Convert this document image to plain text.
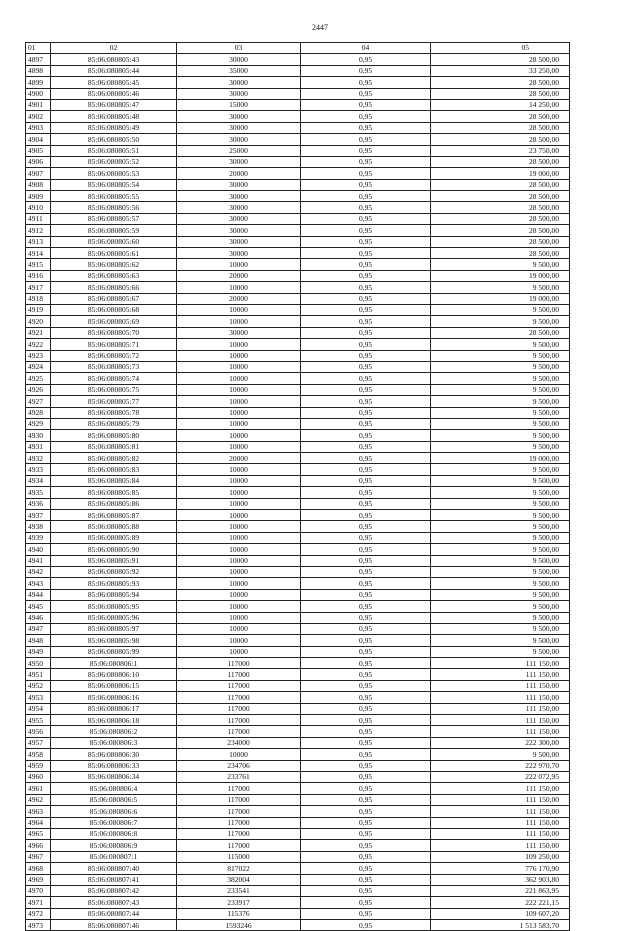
2447
01	02	03	04	05
4897	85:06:080805:43	30000	0,95	28 500,00
4898	85:06:080805:44	35000	0,95	33 250,00
4899	85:06:080805:45	30000	0,95	28 500,00
4900	85:06:080805:46	30000	0,95	28 500,00
4901	85:06:080805:47	15000	0,95	14 250,00
4902	85:06:080805:48	30000	0,95	28 500,00
4903	85:06:080805:49	30000	0,95	28 500,00
4904	85:06:080805:50	30000	0,95	28 500,00
4905	85:06:080805:51	25000	0,95	23 750,00
4906	85:06:080805:52	30000	0,95	28 500,00
4907	85:06:080805:53	20000	0,95	19 000,00
4908	85:06:080805:54	30000	0,95	28 500,00
4909	85:06:080805:55	30000	0,95	28 500,00
4910	85:06:080805:56	30000	0,95	28 500,00
4911	85:06:080805:57	30000	0,95	28 500,00
4912	85:06:080805:59	30000	0,95	28 500,00
4913	85:06:080805:60	30000	0,95	28 500,00
4914	85:06:080805:61	30000	0,95	28 500,00
4915	85:06:080805:62	10000	0,95	9 500,00
4916	85:06:080805:63	20000	0,95	19 000,00
4917	85:06:080805:66	10000	0,95	9 500,00
4918	85:06:080805:67	20000	0,95	19 000,00
4919	85:06:080805:68	10000	0,95	9 500,00
4920	85:06:080805:69	10000	0,95	9 500,00
4921	85:06:080805:70	30000	0,95	28 500,00
4922	85:06:080805:71	10000	0,95	9 500,00
4923	85:06:080805:72	10000	0,95	9 500,00
4924	85:06:080805:73	10000	0,95	9 500,00
4925	85:06:080805:74	10000	0,95	9 500,00
4926	85:06:080805:75	10000	0,95	9 500,00
4927	85:06:080805:77	10000	0,95	9 500,00
4928	85:06:080805:78	10000	0,95	9 500,00
4929	85:06:080805:79	10000	0,95	9 500,00
4930	85:06:080805:80	10000	0,95	9 500,00
4931	85:06:080805:81	10000	0,95	9 500,00
4932	85:06:080805:82	20000	0,95	19 000,00
4933	85:06:080805:83	10000	0,95	9 500,00
4934	85:06:080805:84	10000	0,95	9 500,00
4935	85:06:080805:85	10000	0,95	9 500,00
4936	85:06:080805:86	10000	0,95	9 500,00
4937	85:06:080805:87	10000	0,95	9 500,00
4938	85:06:080805:88	10000	0,95	9 500,00
4939	85:06:080805:89	10000	0,95	9 500,00
4940	85:06:080805:90	10000	0,95	9 500,00
4941	85:06:080805:91	10000	0,95	9 500,00
4942	85:06:080805:92	10000	0,95	9 500,00
4943	85:06:080805:93	10000	0,95	9 500,00
4944	85:06:080805:94	10000	0,95	9 500,00
4945	85:06:080805:95	10000	0,95	9 500,00
4946	85:06:080805:96	10000	0,95	9 500,00
4947	85:06:080805:97	10000	0,95	9 500,00
4948	85:06:080805:98	10000	0,95	9 500,00
4949	85:06:080805:99	10000	0,95	9 500,00
4950	85:06:080806:1	117000	0,95	111 150,00
4951	85:06:080806:10	117000	0,95	111 150,00
4952	85:06:080806:15	117000	0,95	111 150,00
4953	85:06:080806:16	117000	0,95	111 150,00
4954	85:06:080806:17	117000	0,95	111 150,00
4955	85:06:080806:18	117000	0,95	111 150,00
4956	85:06:080806:2	117000	0,95	111 150,00
4957	85:06:080806:3	234000	0,95	222 300,00
4958	85:06:080806:30	10000	0,95	9 500,00
4959	85:06:080806:33	234706	0,95	222 970,70
4960	85:06:080806:34	233761	0,95	222 072,95
4961	85:06:080806:4	117000	0,95	111 150,00
4962	85:06:080806:5	117000	0,95	111 150,00
4963	85:06:080806:6	117000	0,95	111 150,00
4964	85:06:080806:7	117000	0,95	111 150,00
4965	85:06:080806:8	117000	0,95	111 150,00
4966	85:06:080806:9	117000	0,95	111 150,00
4967	85:06:080807:1	115000	0,95	109 250,00
4968	85:06:080807:40	817022	0,95	776 170,90
4969	85:06:080807:41	382004	0,95	362 903,80
4970	85:06:080807:42	233541	0,95	221 863,95
4971	85:06:080807:43	233917	0,95	222 221,15
4972	85:06:080807:44	115376	0,95	109 607,20
4973	85:06:080807:46	1593246	0,95	1 513 583,70
